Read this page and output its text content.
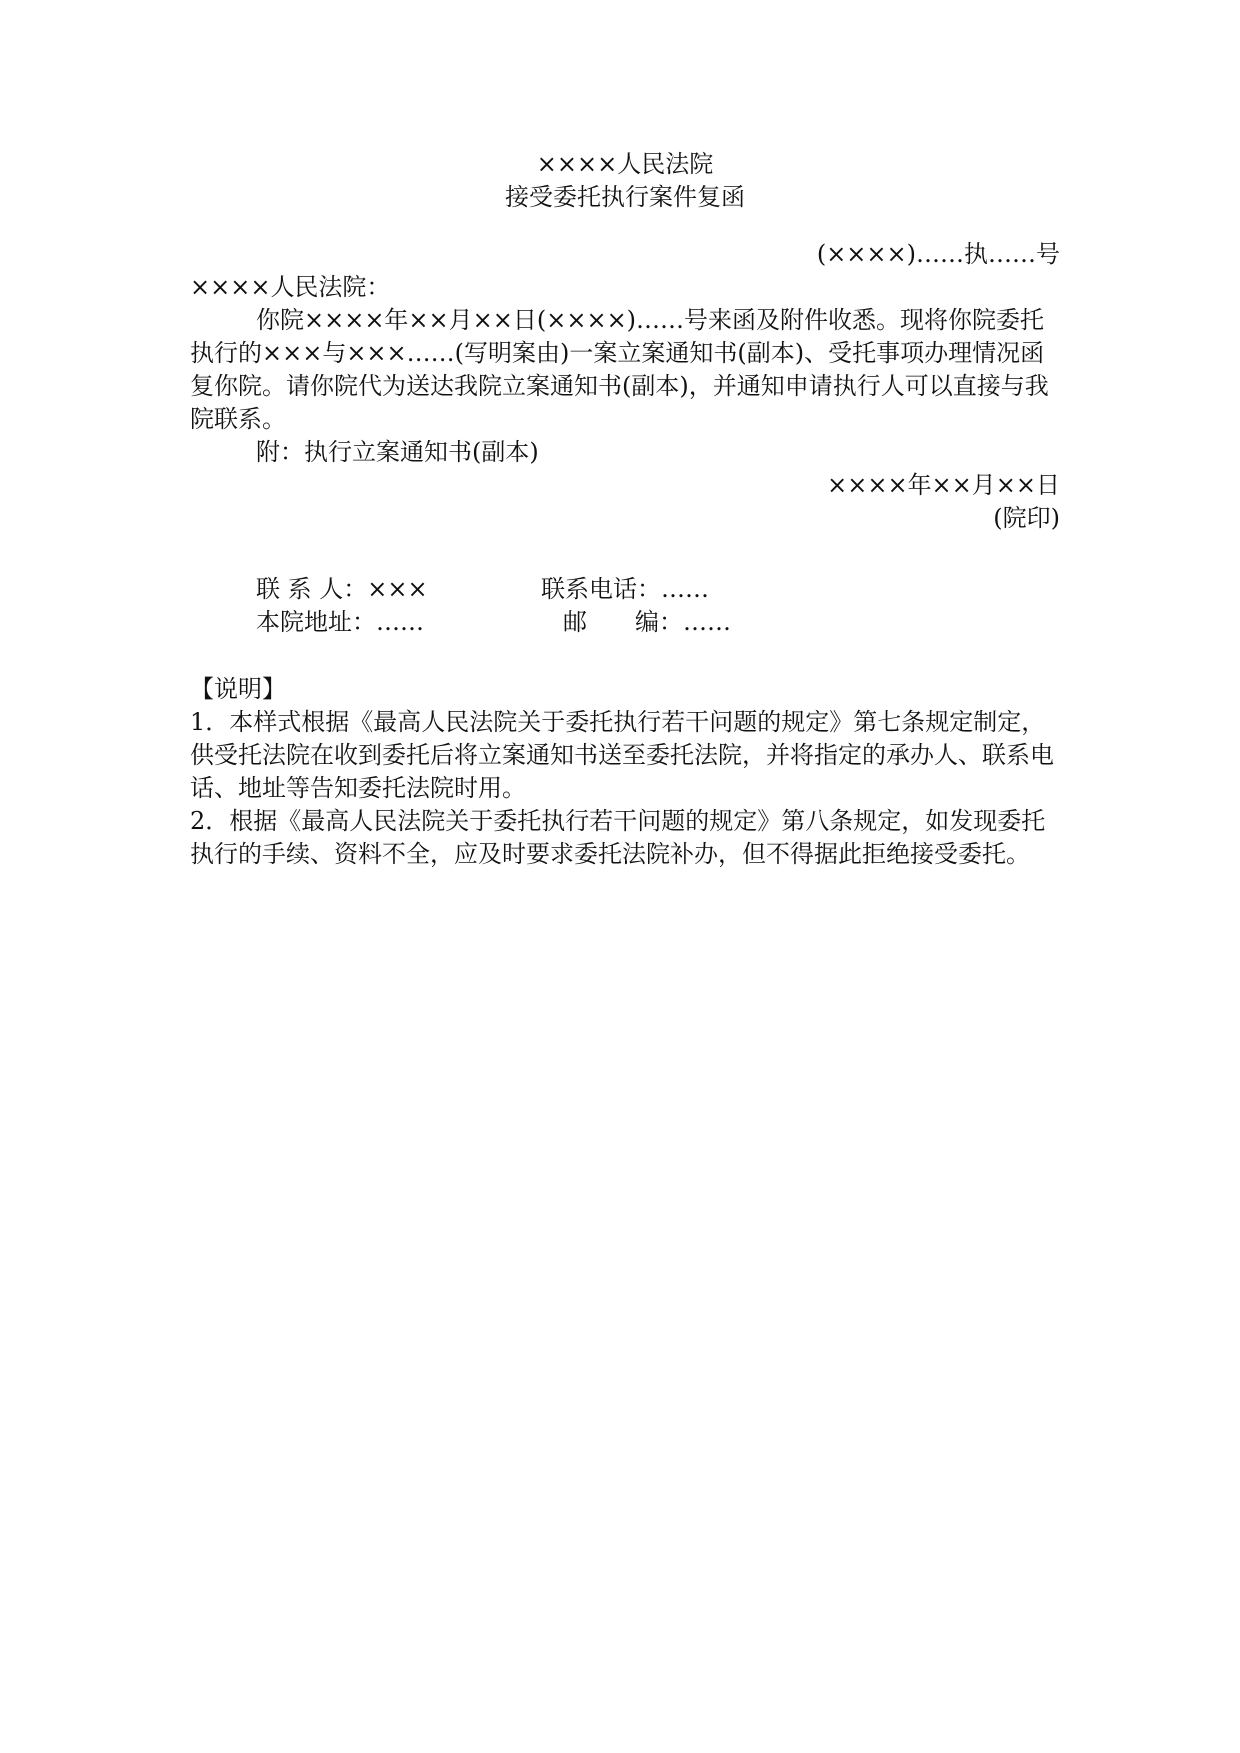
××××人民法院
接受委托执行案件复函
(××××)……执……号
××××人民法院：

你院××××年××月××日(××××)……号来函及附件收悉。现将你院委托执行的×××与×××……(写明案由)一案立案通知书(副本)、受托事项办理情况函复你院。请你院代为送达我院立案通知书(副本)，并通知申请执行人可以直接与我院联系。

附：执行立案通知书(副本)

××××年××月××日
(院印)
联 系 人：×××	联系电话：……
本院地址：……	邮　　编：……
【说明】

1．本样式根据《最高人民法院关于委托执行若干问题的规定》第七条规定制定，供受托法院在收到委托后将立案通知书送至委托法院，并将指定的承办人、联系电话、地址等告知委托法院时用。

2．根据《最高人民法院关于委托执行若干问题的规定》第八条规定，如发现委托执行的手续、资料不全，应及时要求委托法院补办，但不得据此拒绝接受委托。
